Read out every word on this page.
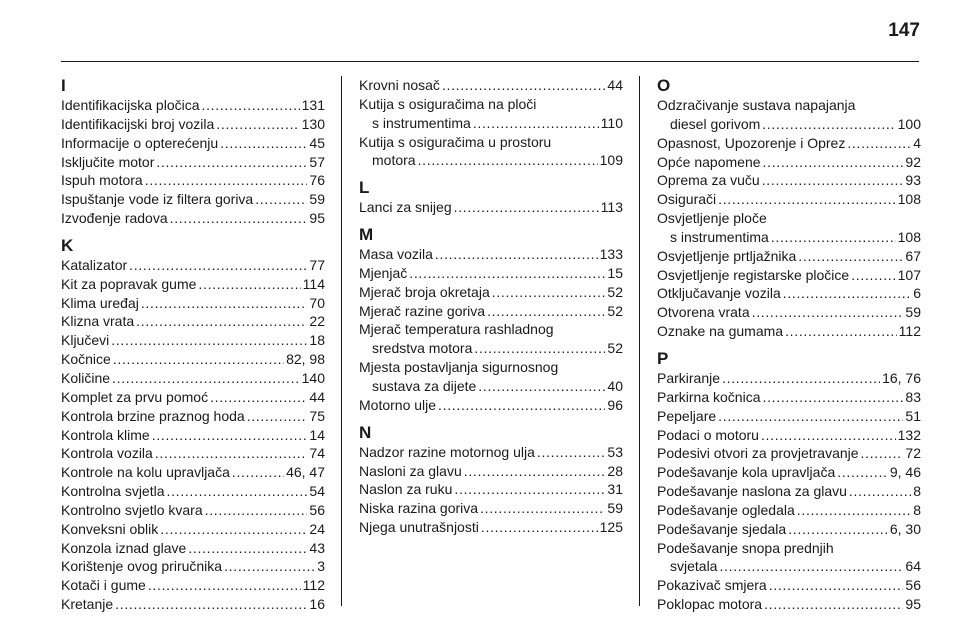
147
I
Identifikacijska pločica . . .	131
Identifikacijski broj vozila . . .	130
Informacije o opterećenju . . .	45
Isključite motor . . .	57
Ispuh motora . . .	76
Ispuštanje vode iz filtera goriva . . .	59
Izvođenje radova . . .	95
K
Katalizator . . .	77
Kit za popravak gume . . .	114
Klima uređaj . . .	70
Klizna vrata . . .	22
Ključevi . . .	18
Kočnice . . .	82, 98
Količine . . .	140
Komplet za prvu pomoć . . .	44
Kontrola brzine praznog hoda . . .	75
Kontrola klime . . .	14
Kontrola vozila . . .	74
Kontrole na kolu upravljača . . .	46, 47
Kontrolna svjetla . . .	54
Kontrolno svjetlo kvara . . .	56
Konveksni oblik . . .	24
Konzola iznad glave . . .	43
Korištenje ovog priručnika . . .	3
Kotači i gume . . .	112
Kretanje . . .	16
Krovni nosač . . .	44
Kutija s osiguračima na ploči
s instrumentima . . .	110
Kutija s osiguračima u prostoru
motora . . .	109
L
Lanci za snijeg . . .	113
M
Masa vozila . . .	133
Mjenjač . . .	15
Mjerač broja okretaja . . .	52
Mjerač razine goriva . . .	52
Mjerač temperatura rashladnog
sredstva motora . . .	52
Mjesta postavljanja sigurnosnog
sustava za dijete . . .	40
Motorno ulje . . .	96
N
Nadzor razine motornog ulja . . .	53
Nasloni za glavu . . .	28
Naslon za ruku . . .	31
Niska razina goriva . . .	59
Njega unutrašnjosti . . .	125
O
Odzračivanje sustava napajanja
diesel gorivom . . .	100
Opasnost, Upozorenje i Oprez . . .	4
Opće napomene . . .	92
Oprema za vuču . . .	93
Osigurači . . .	108
Osvjetljenje ploče
s instrumentima . . .	108
Osvjetljenje prtljažnika . . .	67
Osvjetljenje registarske pločice . . .	107
Otključavanje vozila . . .	6
Otvorena vrata . . .	59
Oznake na gumama . . .	112
P
Parkiranje . . .	16, 76
Parkirna kočnica . . .	83
Pepeljare . . .	51
Podaci o motoru . . .	132
Podesivi otvori za provjetravanje . . .	72
Podešavanje kola upravljača . . .	9, 46
Podešavanje naslona za glavu . . .	8
Podešavanje ogledala . . .	8
Podešavanje sjedala . . .	6, 30
Podešavanje snopa prednjih
svjetala . . .	64
Pokazivač smjera . . .	56
Poklopac motora . . .	95
